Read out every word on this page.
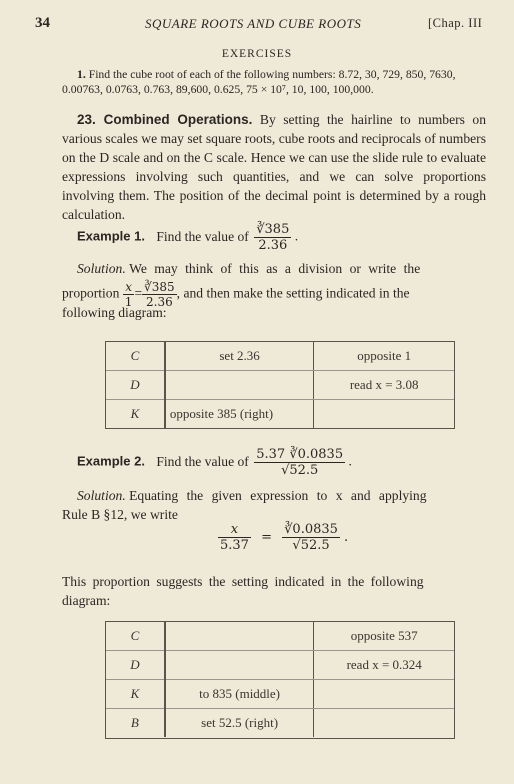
34	SQUARE ROOTS AND CUBE ROOTS	[Chap. III
EXERCISES
1. Find the cube root of each of the following numbers: 8.72, 30, 729, 850, 7630,
0.00763, 0.0763, 0.763, 89,600, 0.625, 75 × 10⁷, 10, 100, 100,000.

23. Combined Operations. By setting the hairline to numbers on various scales we may set square roots, cube roots and reciprocals of numbers on the D scale and on the C scale. Hence we can use the slide rule to evaluate expressions involving such quantities, and we can solve proportions involving them. The position of the decimal point is determined by a rough calculation.

Example 1. Find the value of $\frac{∛385}{2.36}$ .
Solution. We may think of this as a division or write the
proportion $\frac{x}{1} = \frac{∛385}{2.36}$ , and then make the setting indicated in the
following diagram:
C	set 2.36	opposite 1
D		read x = 3.08
K	opposite 385 (right)	
Example 2. Find the value of $\frac{5.37 ∛0.0835}{√52.5}$ .
Solution. Equating the given expression to x and applying
Rule B §12, we write
$\frac{x}{5.37} = \frac{∛0.0835}{√52.5}$ .
This proportion suggests the setting indicated in the following
diagram:
C		opposite 537
D		read x = 0.324
K	to 835 (middle)	
B	set 52.5 (right)	
